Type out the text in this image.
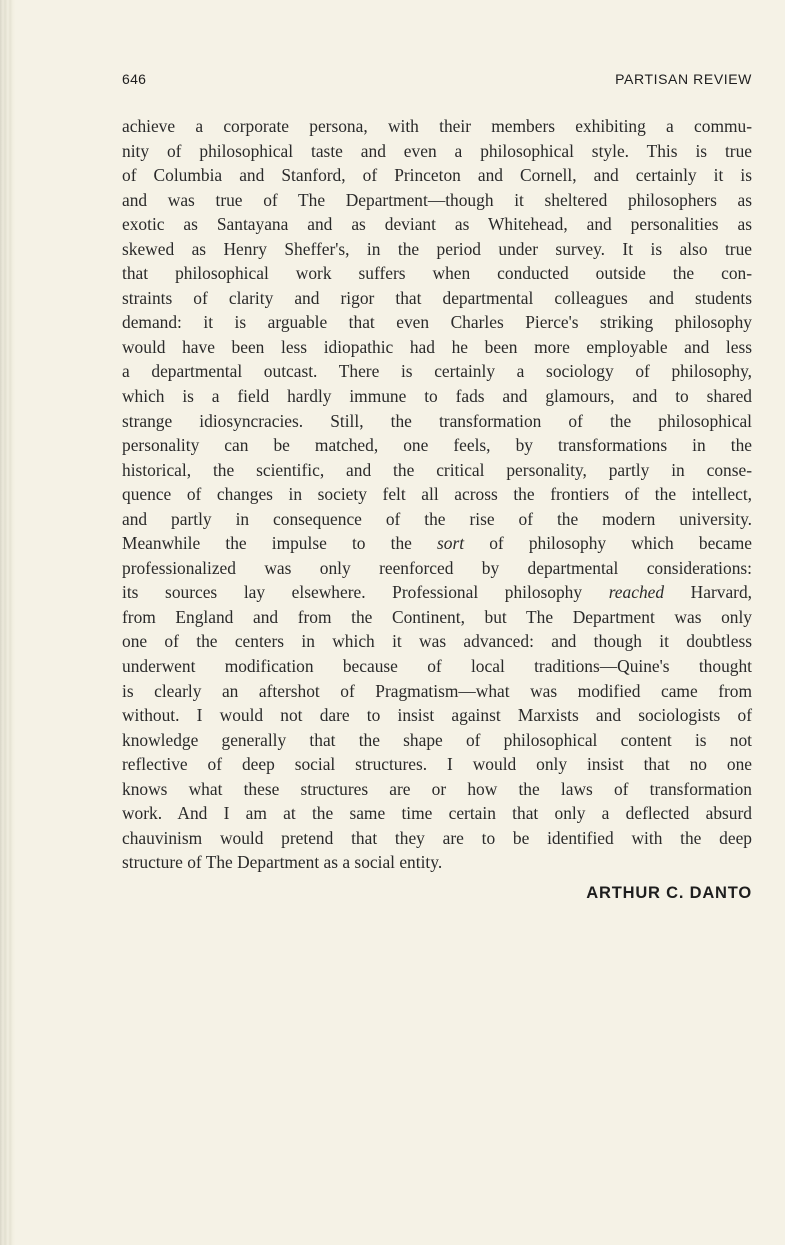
646	PARTISAN REVIEW
achieve a corporate persona, with their members exhibiting a commu-
nity of philosophical taste and even a philosophical style. This is true
of Columbia and Stanford, of Princeton and Cornell, and certainly it is
and was true of The Department—though it sheltered philosophers as
exotic as Santayana and as deviant as Whitehead, and personalities as
skewed as Henry Sheffer's, in the period under survey. It is also true
that philosophical work suffers when conducted outside the con-
straints of clarity and rigor that departmental colleagues and students
demand: it is arguable that even Charles Pierce's striking philosophy
would have been less idiopathic had he been more employable and less
a departmental outcast. There is certainly a sociology of philosophy,
which is a field hardly immune to fads and glamours, and to shared
strange idiosyncracies. Still, the transformation of the philosophical
personality can be matched, one feels, by transformations in the
historical, the scientific, and the critical personality, partly in conse-
quence of changes in society felt all across the frontiers of the intellect,
and partly in consequence of the rise of the modern university.
Meanwhile the impulse to the sort of philosophy which became
professionalized was only reenforced by departmental considerations:
its sources lay elsewhere. Professional philosophy reached Harvard,
from England and from the Continent, but The Department was only
one of the centers in which it was advanced: and though it doubtless
underwent modification because of local traditions—Quine's thought
is clearly an aftershot of Pragmatism—what was modified came from
without. I would not dare to insist against Marxists and sociologists of
knowledge generally that the shape of philosophical content is not
reflective of deep social structures. I would only insist that no one
knows what these structures are or how the laws of transformation
work. And I am at the same time certain that only a deflected absurd
chauvinism would pretend that they are to be identified with the deep
structure of The Department as a social entity.
ARTHUR C. DANTO
